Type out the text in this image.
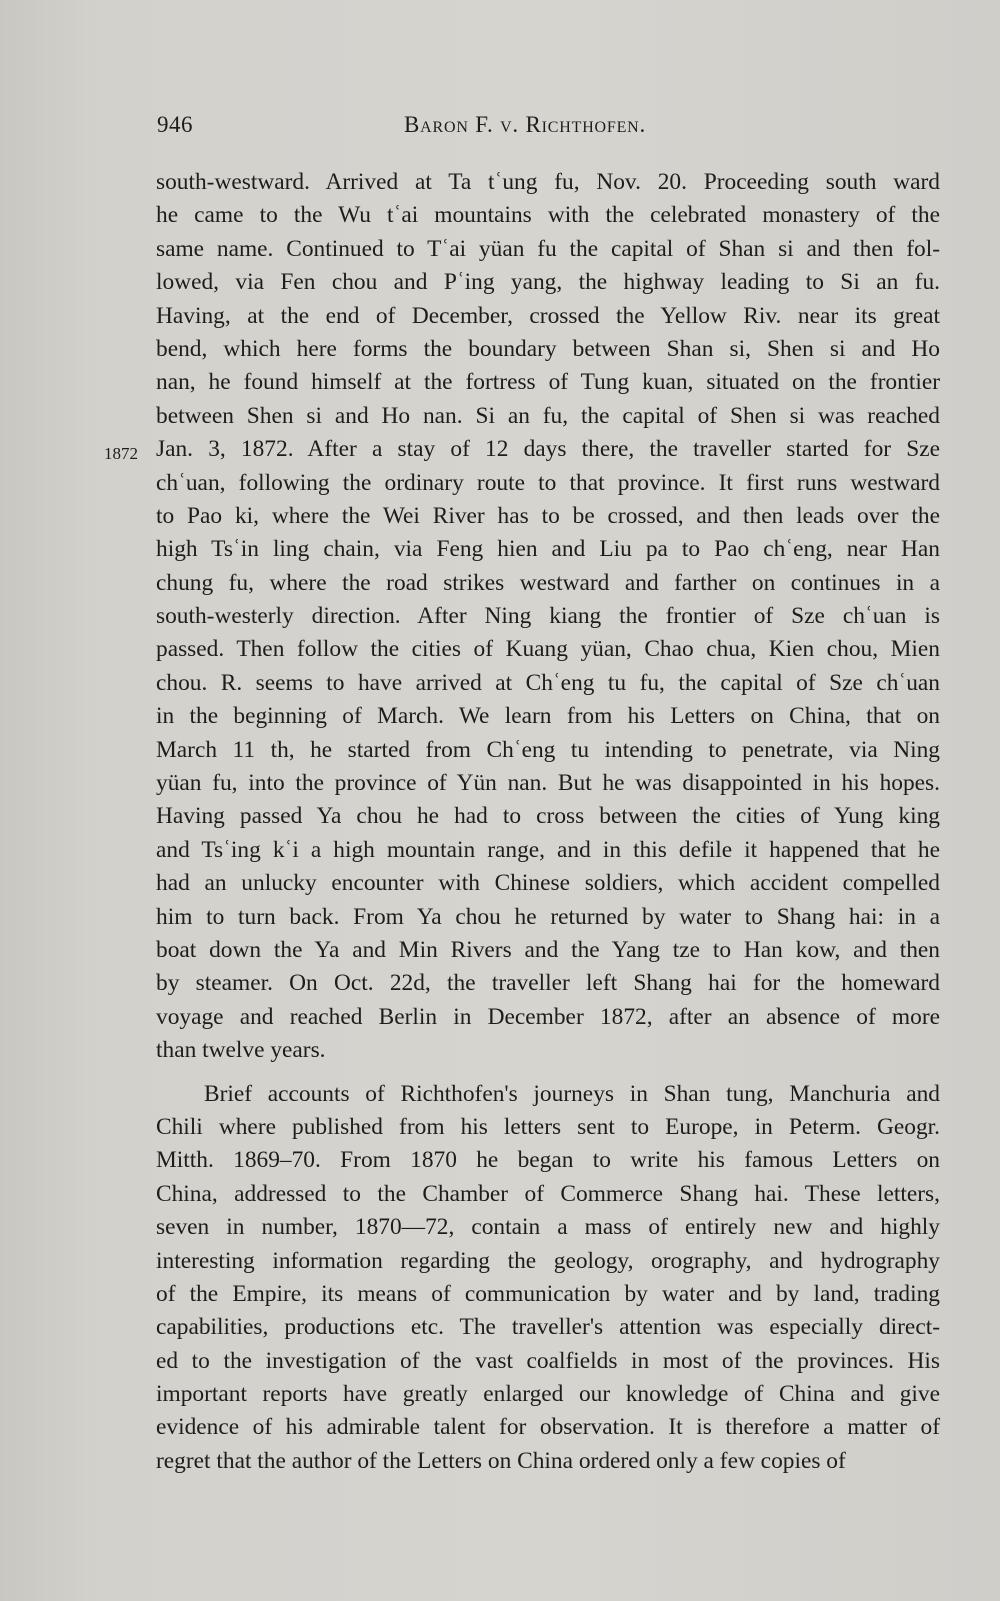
946	Baron F. v. Richthofen.
1872
south-westward. Arrived at Ta tʿung fu, Nov. 20. Proceeding south ward
he came to the Wu tʿai mountains with the celebrated monastery of the
same name. Continued to Tʿai yüan fu the capital of Shan si and then fol-
lowed, via Fen chou and Pʿing yang, the highway leading to Si an fu.
Having, at the end of December, crossed the Yellow Riv. near its great
bend, which here forms the boundary between Shan si, Shen si and Ho
nan, he found himself at the fortress of Tung kuan, situated on the frontier
between Shen si and Ho nan. Si an fu, the capital of Shen si was reached
Jan. 3, 1872. After a stay of 12 days there, the traveller started for Sze
chʿuan, following the ordinary route to that province. It first runs westward
to Pao ki, where the Wei River has to be crossed, and then leads over the
high Tsʿin ling chain, via Feng hien and Liu pa to Pao chʿeng, near Han
chung fu, where the road strikes westward and farther on continues in a
south-westerly direction. After Ning kiang the frontier of Sze chʿuan is
passed. Then follow the cities of Kuang yüan, Chao chua, Kien chou, Mien
chou. R. seems to have arrived at Chʿeng tu fu, the capital of Sze chʿuan
in the beginning of March. We learn from his Letters on China, that on
March 11 th, he started from Chʿeng tu intending to penetrate, via Ning
yüan fu, into the province of Yün nan. But he was disappointed in his hopes.
Having passed Ya chou he had to cross between the cities of Yung king
and Tsʿing kʿi a high mountain range, and in this defile it happened that he
had an unlucky encounter with Chinese soldiers, which accident compelled
him to turn back. From Ya chou he returned by water to Shang hai: in a
boat down the Ya and Min Rivers and the Yang tze to Han kow, and then
by steamer. On Oct. 22d, the traveller left Shang hai for the homeward
voyage and reached Berlin in December 1872, after an absence of more
than twelve years.
Brief accounts of Richthofen's journeys in Shan tung, Manchuria and
Chili where published from his letters sent to Europe, in Peterm. Geogr.
Mitth. 1869–70. From 1870 he began to write his famous Letters on
China, addressed to the Chamber of Commerce Shang hai. These letters,
seven in number, 1870—72, contain a mass of entirely new and highly
interesting information regarding the geology, orography, and hydrography
of the Empire, its means of communication by water and by land, trading
capabilities, productions etc. The traveller's attention was especially direct-
ed to the investigation of the vast coalfields in most of the provinces. His
important reports have greatly enlarged our knowledge of China and give
evidence of his admirable talent for observation. It is therefore a matter of
regret that the author of the Letters on China ordered only a few copies of
